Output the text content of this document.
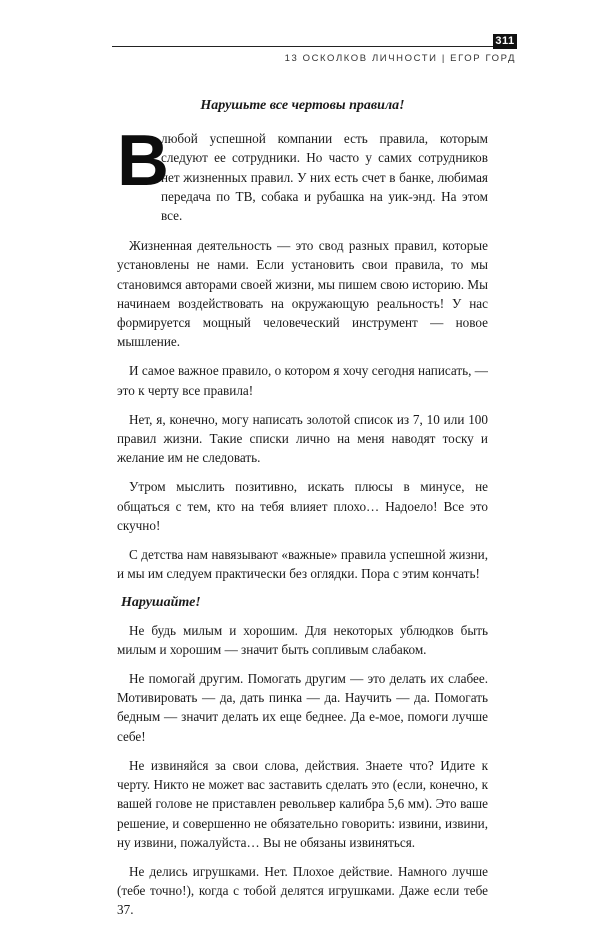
311
13 ОСКОЛКОВ ЛИЧНОСТИ | ЕГОР ГОРД
Нарушьте все чертовы правила!
В
любой успешной компании есть правила, которым следуют ее сотрудники. Но часто у самих сотрудников нет жизненных правил. У них есть счет в банке, любимая передача по ТВ, собака и рубашка на уик-энд. На этом все.

Жизненная деятельность — это свод разных правил, которые установлены не нами. Если установить свои правила, то мы становимся авторами своей жизни, мы пишем свою историю. Мы начинаем воздействовать на окружающую реальность! У нас формируется мощный человеческий инструмент — новое мышление.

И самое важное правило, о котором я хочу сегодня написать, — это к черту все правила!

Нет, я, конечно, могу написать золотой список из 7, 10 или 100 правил жизни. Такие списки лично на меня наводят тоску и желание им не следовать.

Утром мыслить позитивно, искать плюсы в минусе, не общаться с тем, кто на тебя влияет плохо… Надоело! Все это скучно!

С детства нам навязывают «важные» правила успешной жизни, и мы им следуем практически без оглядки. Пора с этим кончать!

Нарушайте!

Не будь милым и хорошим. Для некоторых ублюдков быть милым и хорошим — значит быть сопливым слабаком.

Не помогай другим. Помогать другим — это делать их слабее. Мотивировать — да, дать пинка — да. Научить — да. Помогать бедным — значит делать их еще беднее. Да е-мое, помоги лучше себе!

Не извиняйся за свои слова, действия. Знаете что? Идите к черту. Никто не может вас заставить сделать это (если, конечно, к вашей голове не приставлен револьвер калибра 5,6 мм). Это ваше решение, и совершенно не обязательно говорить: извини, извини, ну извини, пожалуйста… Вы не обязаны извиняться.

Не делись игрушками. Нет. Плохое действие. Намного лучше (тебе точно!), когда с тобой делятся игрушками. Даже если тебе 37.
